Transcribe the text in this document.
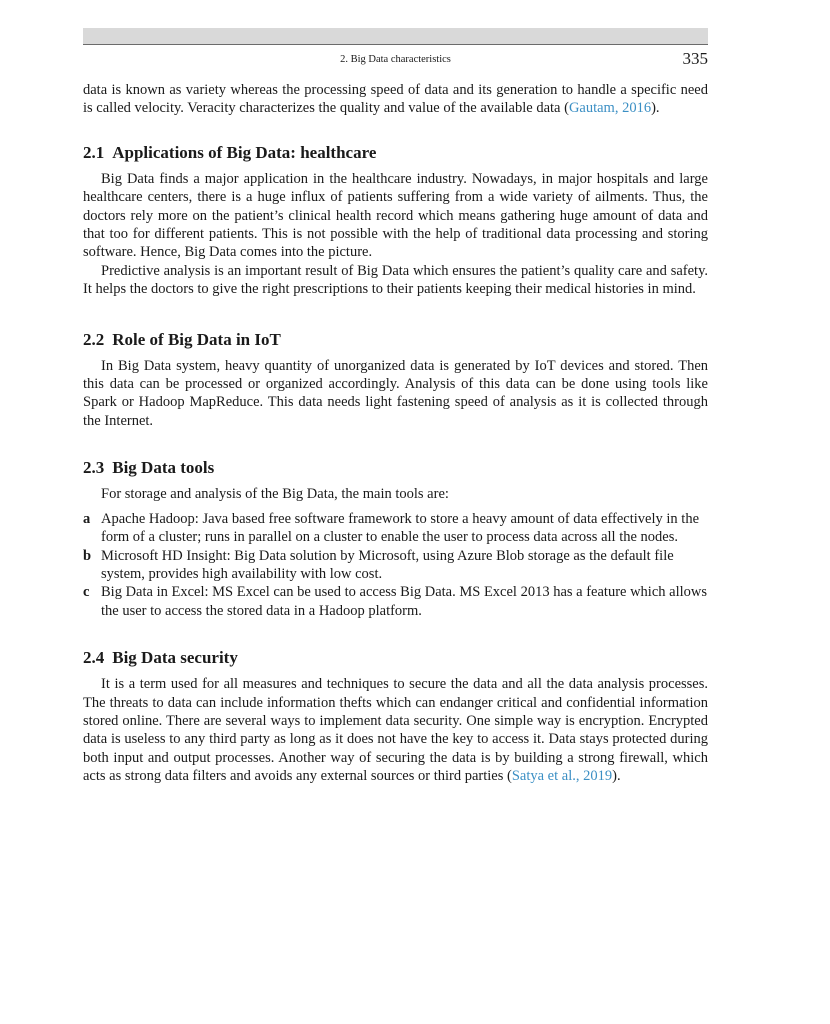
2. Big Data characteristics	335

data is known as variety whereas the processing speed of data and its generation to handle a specific need is called velocity. Veracity characterizes the quality and value of the available data (Gautam, 2016).

2.1 Applications of Big Data: healthcare

Big Data finds a major application in the healthcare industry. Nowadays, in major hospitals and large healthcare centers, there is a huge influx of patients suffering from a wide variety of ailments. Thus, the doctors rely more on the patient’s clinical health record which means gathering huge amount of data and that too for different patients. This is not possible with the help of traditional data processing and storing software. Hence, Big Data comes into the picture.

Predictive analysis is an important result of Big Data which ensures the patient’s quality care and safety. It helps the doctors to give the right prescriptions to their patients keeping their medical histories in mind.

2.2 Role of Big Data in IoT

In Big Data system, heavy quantity of unorganized data is generated by IoT devices and stored. Then this data can be processed or organized accordingly. Analysis of this data can be done using tools like Spark or Hadoop MapReduce. This data needs light fastening speed of analysis as it is collected through the Internet.

2.3 Big Data tools

For storage and analysis of the Big Data, the main tools are:

a Apache Hadoop: Java based free software framework to store a heavy amount of data effectively in the form of a cluster; runs in parallel on a cluster to enable the user to process data across all the nodes.
b Microsoft HD Insight: Big Data solution by Microsoft, using Azure Blob storage as the default file system, provides high availability with low cost.
c Big Data in Excel: MS Excel can be used to access Big Data. MS Excel 2013 has a feature which allows the user to access the stored data in a Hadoop platform.
2.4 Big Data security

It is a term used for all measures and techniques to secure the data and all the data analysis processes. The threats to data can include information thefts which can endanger critical and confidential information stored online. There are several ways to implement data security. One simple way is encryption. Encrypted data is useless to any third party as long as it does not have the key to access it. Data stays protected during both input and output processes. Another way of securing the data is by building a strong firewall, which acts as strong data filters and avoids any external sources or third parties (Satya et al., 2019).
